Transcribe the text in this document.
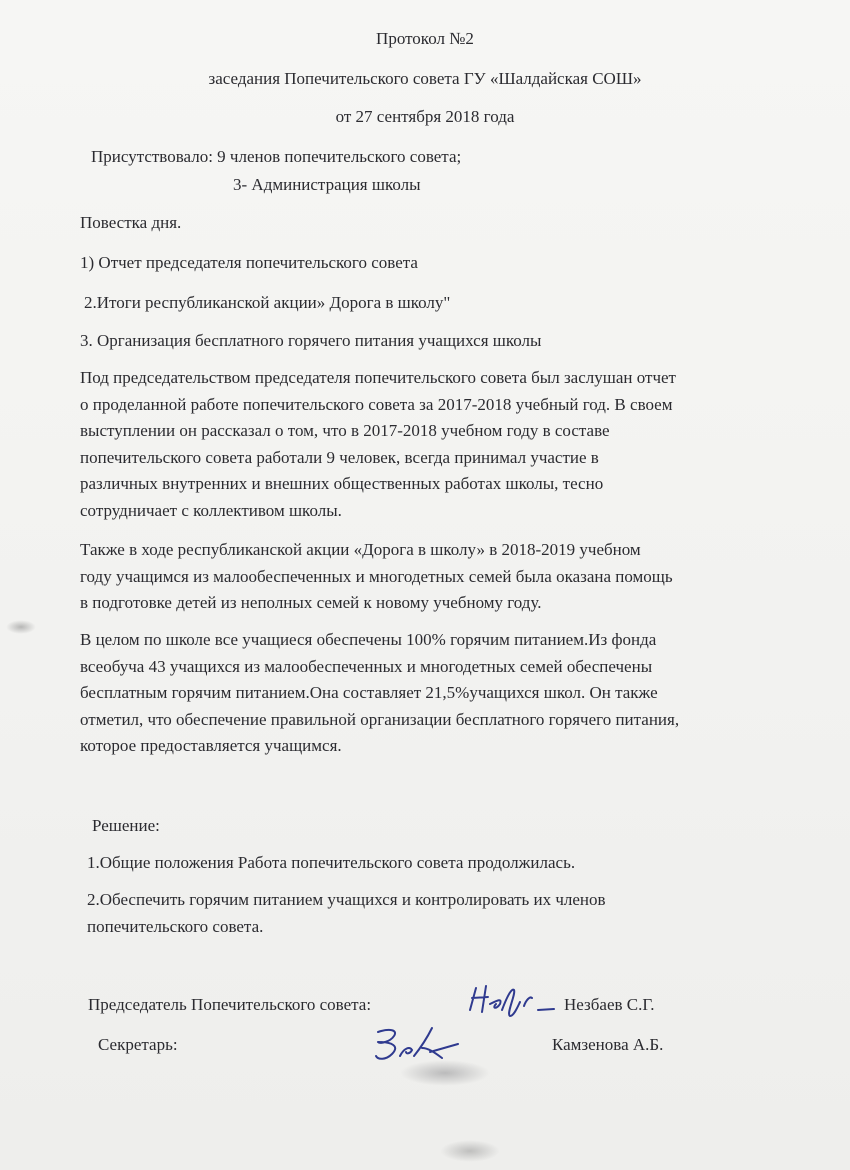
Протокол №2
заседания Попечительского совета ГУ «Шалдайская СОШ»
от 27 сентября 2018 года
Присутствовало: 9 членов попечительского совета;
3- Администрация школы
Повестка дня.
1) Отчет председателя попечительского совета
2.Итоги республиканской акции» Дорога в школу"
3. Организация бесплатного горячего питания учащихся школы
Под председательством председателя попечительского совета был заслушан отчет
о проделанной работе попечительского совета за 2017-2018 учебный год. В своем
выступлении он рассказал о том, что в 2017-2018 учебном году в составе
попечительского совета работали 9 человек, всегда принимал участие в
различных внутренних и внешних общественных работах школы, тесно
сотрудничает с коллективом школы.
Также в ходе республиканской акции «Дорога в школу» в 2018-2019 учебном
году учащимся из малообеспеченных и многодетных семей была оказана помощь
в подготовке детей из неполных семей к новому учебному году.
В целом по школе все учащиеся обеспечены 100% горячим питанием.Из фонда
всеобуча 43 учащихся из малообеспеченных и многодетных семей обеспечены
бесплатным горячим питанием.Она составляет 21,5%учащихся школ. Он также
отметил, что обеспечение правильной организации бесплатного горячего питания,
которое предоставляется учащимся.
Решение:
1.Общие положения Работа попечительского совета продолжилась.
2.Обеспечить горячим питанием учащихся и контролировать их членов
попечительского совета.
Председатель Попечительского совета:	Незбаев С.Г.
Секретарь:	Камзенова А.Б.
